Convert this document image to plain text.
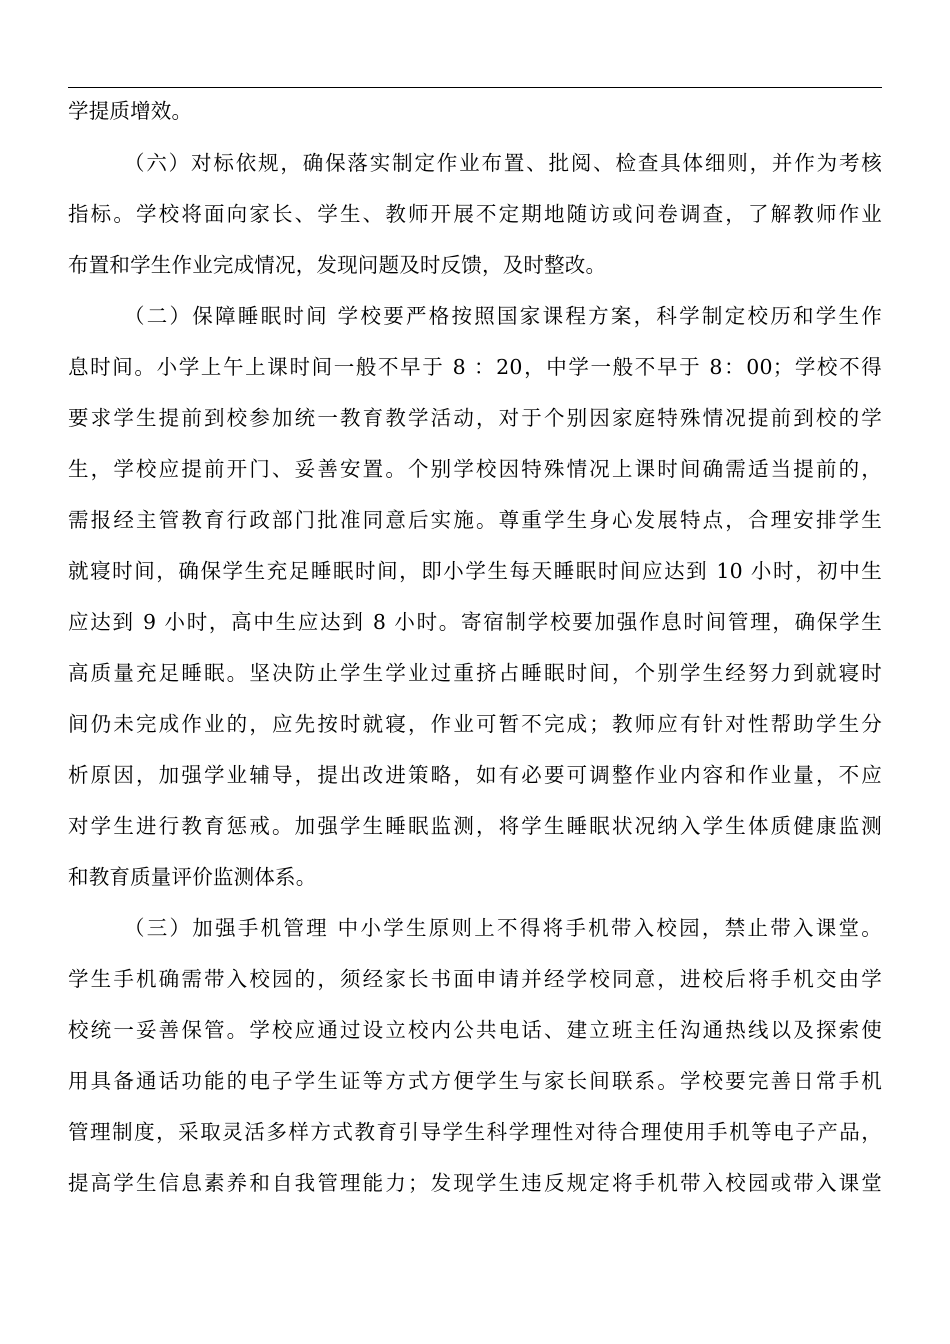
学提质增效。
（六）对标依规，确保落实制定作业布置、批阅、检查具体细则，并作为考核
指标。学校将面向家长、学生、教师开展不定期地随访或问卷调查，了解教师作业
布置和学生作业完成情况，发现问题及时反馈，及时整改。
（二）保障睡眠时间 学校要严格按照国家课程方案，科学制定校历和学生作
息时间。小学上午上课时间一般不早于 8 ：20，中学一般不早于 8：00；学校不得
要求学生提前到校参加统一教育教学活动，对于个别因家庭特殊情况提前到校的学
生，学校应提前开门、妥善安置。个别学校因特殊情况上课时间确需适当提前的，
需报经主管教育行政部门批准同意后实施。尊重学生身心发展特点，合理安排学生
就寝时间，确保学生充足睡眠时间，即小学生每天睡眠时间应达到 10 小时，初中生
应达到 9 小时，高中生应达到 8 小时。寄宿制学校要加强作息时间管理，确保学生
高质量充足睡眠。坚决防止学生学业过重挤占睡眠时间，个别学生经努力到就寝时
间仍未完成作业的，应先按时就寝，作业可暂不完成；教师应有针对性帮助学生分
析原因，加强学业辅导，提出改进策略，如有必要可调整作业内容和作业量，不应
对学生进行教育惩戒。加强学生睡眠监测，将学生睡眠状况纳入学生体质健康监测
和教育质量评价监测体系。
（三）加强手机管理 中小学生原则上不得将手机带入校园，禁止带入课堂。
学生手机确需带入校园的，须经家长书面申请并经学校同意，进校后将手机交由学
校统一妥善保管。学校应通过设立校内公共电话、建立班主任沟通热线以及探索使
用具备通话功能的电子学生证等方式方便学生与家长间联系。学校要完善日常手机
管理制度，采取灵活多样方式教育引导学生科学理性对待合理使用手机等电子产品，
提高学生信息素养和自我管理能力；发现学生违反规定将手机带入校园或带入课堂
